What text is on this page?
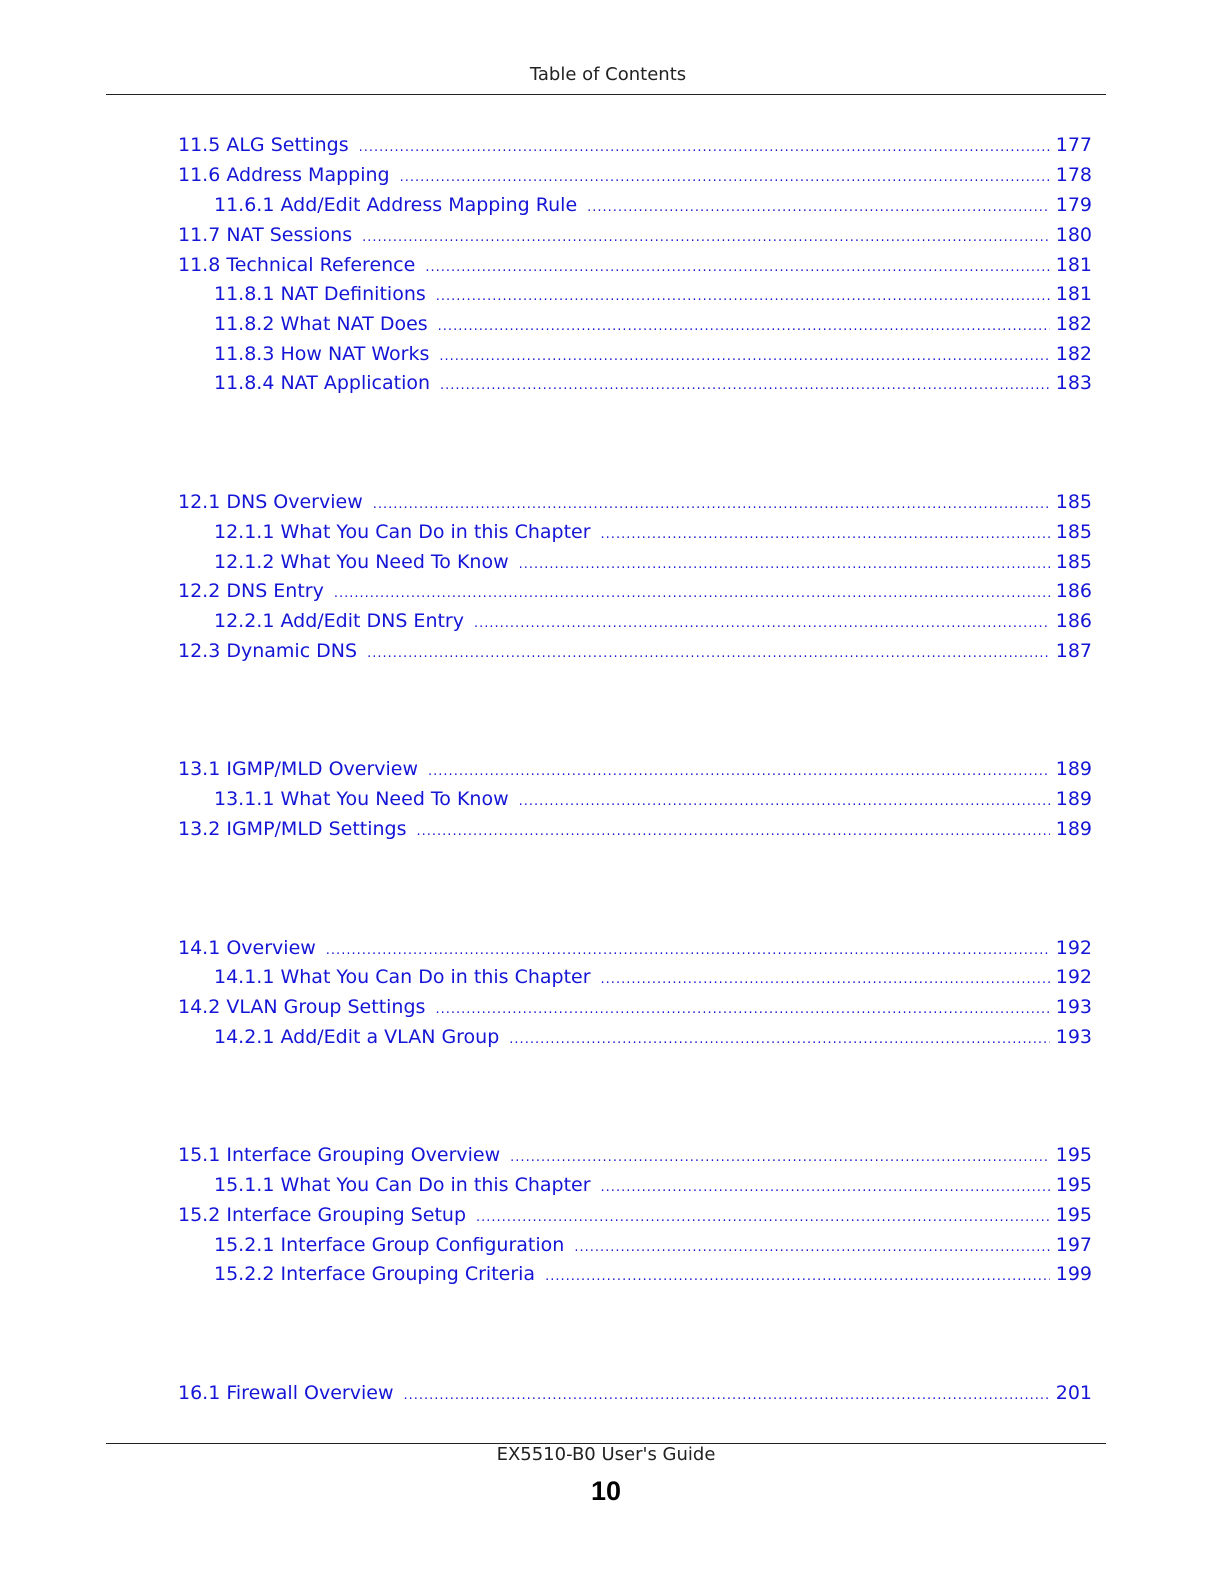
Table of Contents
11.5 ALG Settings .....	177
11.6 Address Mapping .....	178
11.6.1 Add/Edit Address Mapping Rule .....	179
11.7 NAT Sessions .....	180
11.8 Technical Reference .....	181
11.8.1 NAT Definitions .....	181
11.8.2 What NAT Does .....	182
11.8.3 How NAT Works .....	182
11.8.4 NAT Application .....	183
12.1 DNS Overview .....	185
12.1.1 What You Can Do in this Chapter .....	185
12.1.2 What You Need To Know .....	185
12.2 DNS Entry .....	186
12.2.1 Add/Edit DNS Entry .....	186
12.3 Dynamic DNS .....	187
13.1 IGMP/MLD Overview .....	189
13.1.1 What You Need To Know .....	189
13.2 IGMP/MLD Settings .....	189
14.1 Overview .....	192
14.1.1 What You Can Do in this Chapter .....	192
14.2 VLAN Group Settings .....	193
14.2.1 Add/Edit a VLAN Group .....	193
15.1 Interface Grouping Overview .....	195
15.1.1 What You Can Do in this Chapter .....	195
15.2 Interface Grouping Setup .....	195
15.2.1 Interface Group Configuration .....	197
15.2.2 Interface Grouping Criteria .....	199
16.1 Firewall Overview .....	201
EX5510-B0 User's Guide
10
